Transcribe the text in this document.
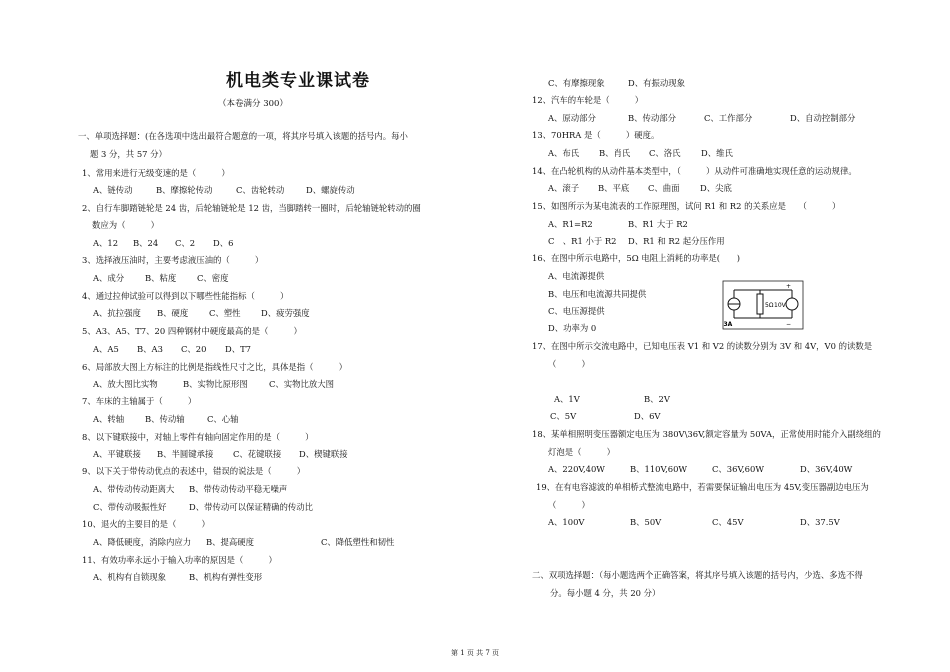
机电类专业课试卷
（本卷满分 300）
一、单项选择题：(在各选项中选出最符合题意的一项，将其序号填入该题的括号内。每小
题 3 分，共 57 分）
1、常用来进行无级变速的是（　　　）
A、链传动	B、摩擦轮传动	C、齿轮转动	D、螺旋传动
2、自行车脚踏链轮是 24 齿，后轮轴链轮是 12 齿，当脚踏转一圈时，后轮轴链轮转动的圈
数应为（　　　）
A、12 B、24 C、2 D、6
3、选择液压油时，主要考虑液压油的（　　　）
A、成分 B、粘度 C、密度
4、通过拉伸试验可以得到以下哪些性能指标（　　　）
A、抗拉强度 B、硬度 C、塑性 D、疲劳强度
5、A3、A5、T7、20 四种钢材中硬度最高的是（　　　）
A、A5 B、A3 C、20 D、T7
6、局部放大图上方标注的比例是指线性尺寸之比，具体是指（　　　）
A、放大图比实物	B、实物比原形图	C、实物比放大图
7、车床的主轴属于（　　　）
A、转轴 B、传动轴	C、心轴
8、以下键联接中，对轴上零件有轴向固定作用的是（　　　）
A、平键联接 B、半圆键承接 C、花键联接 D、楔键联接
9、以下关于带传动优点的表述中，错误的说法是（　　　）
A、带传动传动距离大 B、带传动传动平稳无噪声
C、带传动吸振性好	D、带传动可以保证精确的传动比
10、退火的主要目的是（　　　）
A、降低硬度，消除内应力 B、提高硬度	C、降低塑性和韧性
11、有效功率永远小于输入功率的原因是（　　　）
A、机构有自锁现象	B、机构有弹性变形
C、有摩擦现象	D、有振动现象
12、汽车的车轮是（　　　）
A、原动部分	B、传动部分	C、工作部分	D、自动控制部分
13、70HRA 是（　　　）硬度。
A、布氏 B、肖氏 C、洛氏 D、维氏
14、在凸轮机构的从动件基本类型中，（　　　）从动件可准确地实现任意的运动规律。
A、滚子 B、平底 C、曲面 D、尖底
15、如图所示为某电流表的工作原理图，试问 R1 和 R2 的关系应是　　（　　　）
A、R1=R2	B、R1 大于 R2
C　、R1 小于 R2 D、R1 和 R2 起分压作用
16、在图中所示电路中，5Ω 电阻上消耗的功率是(　　)
A、电流源提供
B、电压和电流源共同提供
C、电压源提供
D、功率为 0	3A
5Ω 10V
+
−
17、在图中所示交流电路中，已知电压表 V1 和 V2 的读数分别为 3V 和 4V，V0 的读数是
（　　　）
A、1V	B、2V
C、5V	D、6V
18、某单相照明变压器额定电压为 380V\36V,额定容量为 50VA，正常使用时能介入副绕组的
灯泡是（　　　）
A、220V,40W	B、110V,60W	C、36V,60W	D、36V,40W
19、在有电容滤波的单相桥式整流电路中，若需要保证输出电压为 45V,变压器副边电压为
（　　　）
A、100V	B、50V	C、45V	D、37.5V
二、双项选择题：（每小题选两个正确答案，将其序号填入该题的括号内，少选、多选不得
分。每小题 4 分，共 20 分）
第 1 页 共 7 页
